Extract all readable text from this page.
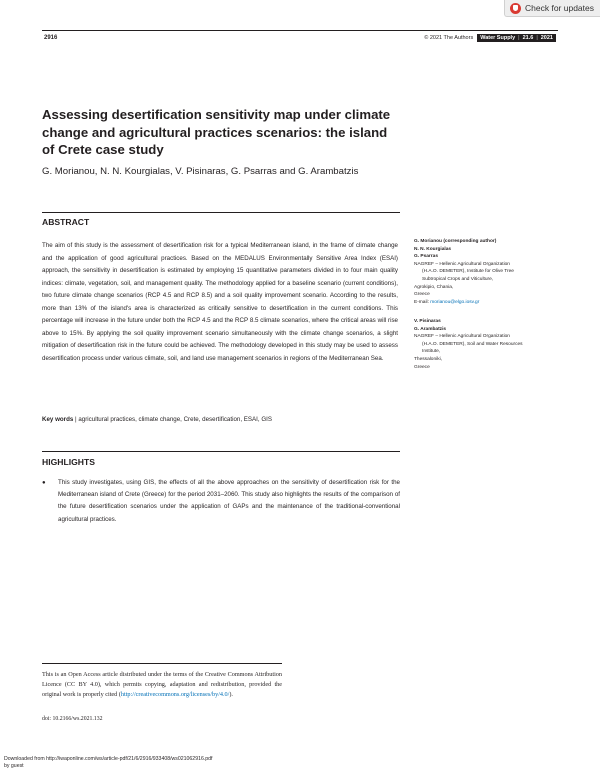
Check for updates
2916	© 2021 The Authors Water Supply | 21.6 | 2021
Assessing desertification sensitivity map under climate change and agricultural practices scenarios: the island of Crete case study

G. Morianou, N. N. Kourgialas, V. Pisinaras, G. Psarras and G. Arambatzis

ABSTRACT

The aim of this study is the assessment of desertification risk for a typical Mediterranean island, in the frame of climate change and the application of good agricultural practices. Based on the MEDALUS Environmentally Sensitive Area Index (ESAI) approach, the sensitivity in desertification is estimated by employing 15 quantitative parameters divided in to four main quality indices: climate, vegetation, soil, and management quality. The methodology applied for a baseline scenario (current conditions), two future climate change scenarios (RCP 4.5 and RCP 8.5) and a soil quality improvement scenario. According to the results, more than 13% of the island's area is characterized as critically sensitive to desertification in the current conditions. This percentage will increase in the future under both the RCP 4.5 and the RCP 8.5 climate scenarios, where the critical areas will rise above to 15%. By applying the soil quality improvement scenario simultaneously with the climate change scenarios, a slight mitigation of desertification risk in the future could be achieved. The methodology developed in this study may be used to assess desertification process under various climate, soil, and land use management scenarios in regions of the Mediterranean Sea.

Key words | agricultural practices, climate change, Crete, desertification, ESAI, GIS

HIGHLIGHTS
●	This study investigates, using GIS, the effects of all the above approaches on the sensitivity of desertification risk for the Mediterranean island of Crete (Greece) for the period 2031–2060. This study also highlights the results of the comparison of the future desertification scenarios under the application of GAPs and the maintenance of the traditional-conventional agricultural practices.
G. Morianou (corresponding author)
N. N. Kourgialas
G. Psarras
NAGREF – Hellenic Agricultural Organization
(H.A.O. DEMETER), Institute for Olive Tree
Subtropical Crops and Viticulture,
Agrokipio, Chania,
Greece
E-mail: morianou@elgo.iosv.gr
V. Pisinaras
G. Arambatzis
NAGREF – Hellenic Agricultural Organization
(H.A.O. DEMETER), Soil and Water Resources
Institute,
Thessaloniki,
Greece

This is an Open Access article distributed under the terms of the Creative Commons Attribution Licence (CC BY 4.0), which permits copying, adaptation and redistribution, provided the original work is properly cited (http://creativecommons.org/licenses/by/4.0/).

doi: 10.2166/ws.2021.132

Downloaded from http://iwaponline.com/ws/article-pdf/21/6/2916/933408/ws021062916.pdf
by guest
